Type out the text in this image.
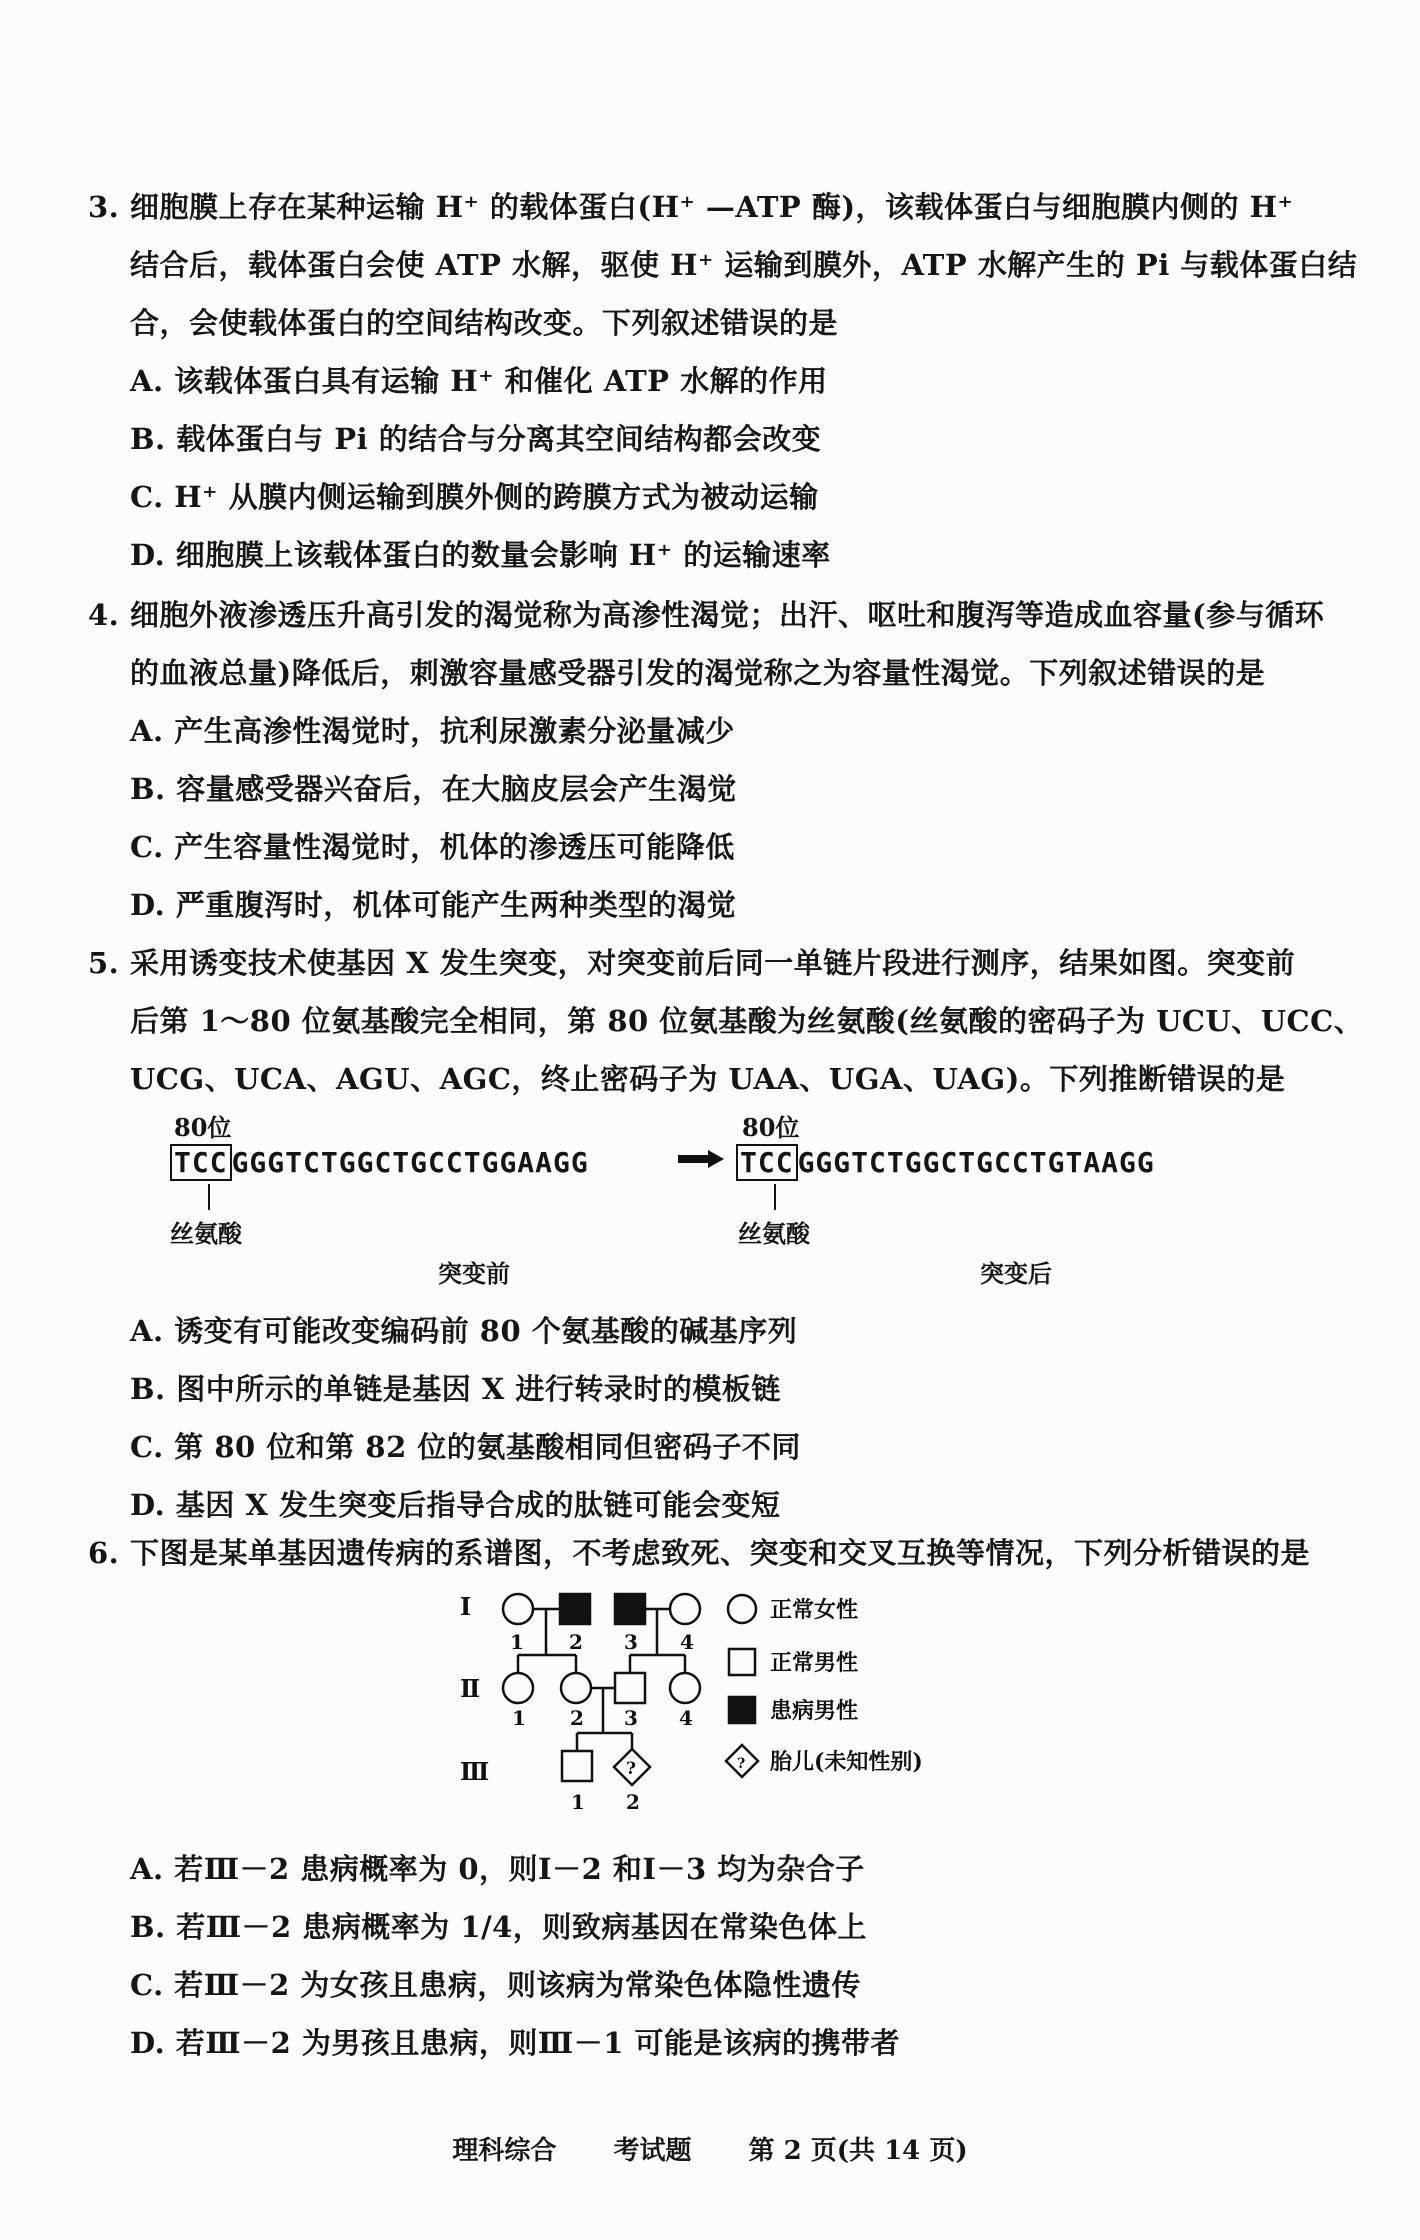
3. 细胞膜上存在某种运输 H⁺ 的载体蛋白(H⁺ —ATP 酶)，该载体蛋白与细胞膜内侧的 H⁺
结合后，载体蛋白会使 ATP 水解，驱使 H⁺ 运输到膜外，ATP 水解产生的 Pi 与载体蛋白结
合，会使载体蛋白的空间结构改变。下列叙述错误的是
A. 该载体蛋白具有运输 H⁺ 和催化 ATP 水解的作用
B. 载体蛋白与 Pi 的结合与分离其空间结构都会改变
C. H⁺ 从膜内侧运输到膜外侧的跨膜方式为被动运输
D. 细胞膜上该载体蛋白的数量会影响 H⁺ 的运输速率
4. 细胞外液渗透压升高引发的渴觉称为高渗性渴觉；出汗、呕吐和腹泻等造成血容量(参与循环
的血液总量)降低后，刺激容量感受器引发的渴觉称之为容量性渴觉。下列叙述错误的是
A. 产生高渗性渴觉时，抗利尿激素分泌量减少
B. 容量感受器兴奋后，在大脑皮层会产生渴觉
C. 产生容量性渴觉时，机体的渗透压可能降低
D. 严重腹泻时，机体可能产生两种类型的渴觉
5. 采用诱变技术使基因 X 发生突变，对突变前后同一单链片段进行测序，结果如图。突变前
后第 1～80 位氨基酸完全相同，第 80 位氨基酸为丝氨酸(丝氨酸的密码子为 UCU、UCC、
UCG、UCA、AGU、AGC，终止密码子为 UAA、UGA、UAG)。下列推断错误的是
80位
TCC GGGTCTGGCTGCCTGGAAGG
丝氨酸
突变前
80位
TCC GGGTCTGGCTGCCTGTAAGG
丝氨酸
突变后
A. 诱变有可能改变编码前 80 个氨基酸的碱基序列
B. 图中所示的单链是基因 X 进行转录时的模板链
C. 第 80 位和第 82 位的氨基酸相同但密码子不同
D. 基因 X 发生突变后指导合成的肽链可能会变短
6. 下图是某单基因遗传病的系谱图，不考虑致死、突变和交叉互换等情况，下列分析错误的是
Ⅰ
Ⅱ
Ⅲ
1 2 3 4
1 2 3 4
1 2
?	?
正常女性
正常男性
患病男性
胎儿(未知性别)
A. 若Ⅲ－2 患病概率为 0，则Ⅰ－2 和Ⅰ－3 均为杂合子
B. 若Ⅲ－2 患病概率为 1/4，则致病基因在常染色体上
C. 若Ⅲ－2 为女孩且患病，则该病为常染色体隐性遗传
D. 若Ⅲ－2 为男孩且患病，则Ⅲ－1 可能是该病的携带者
理科综合 考试题 第 2 页(共 14 页)
